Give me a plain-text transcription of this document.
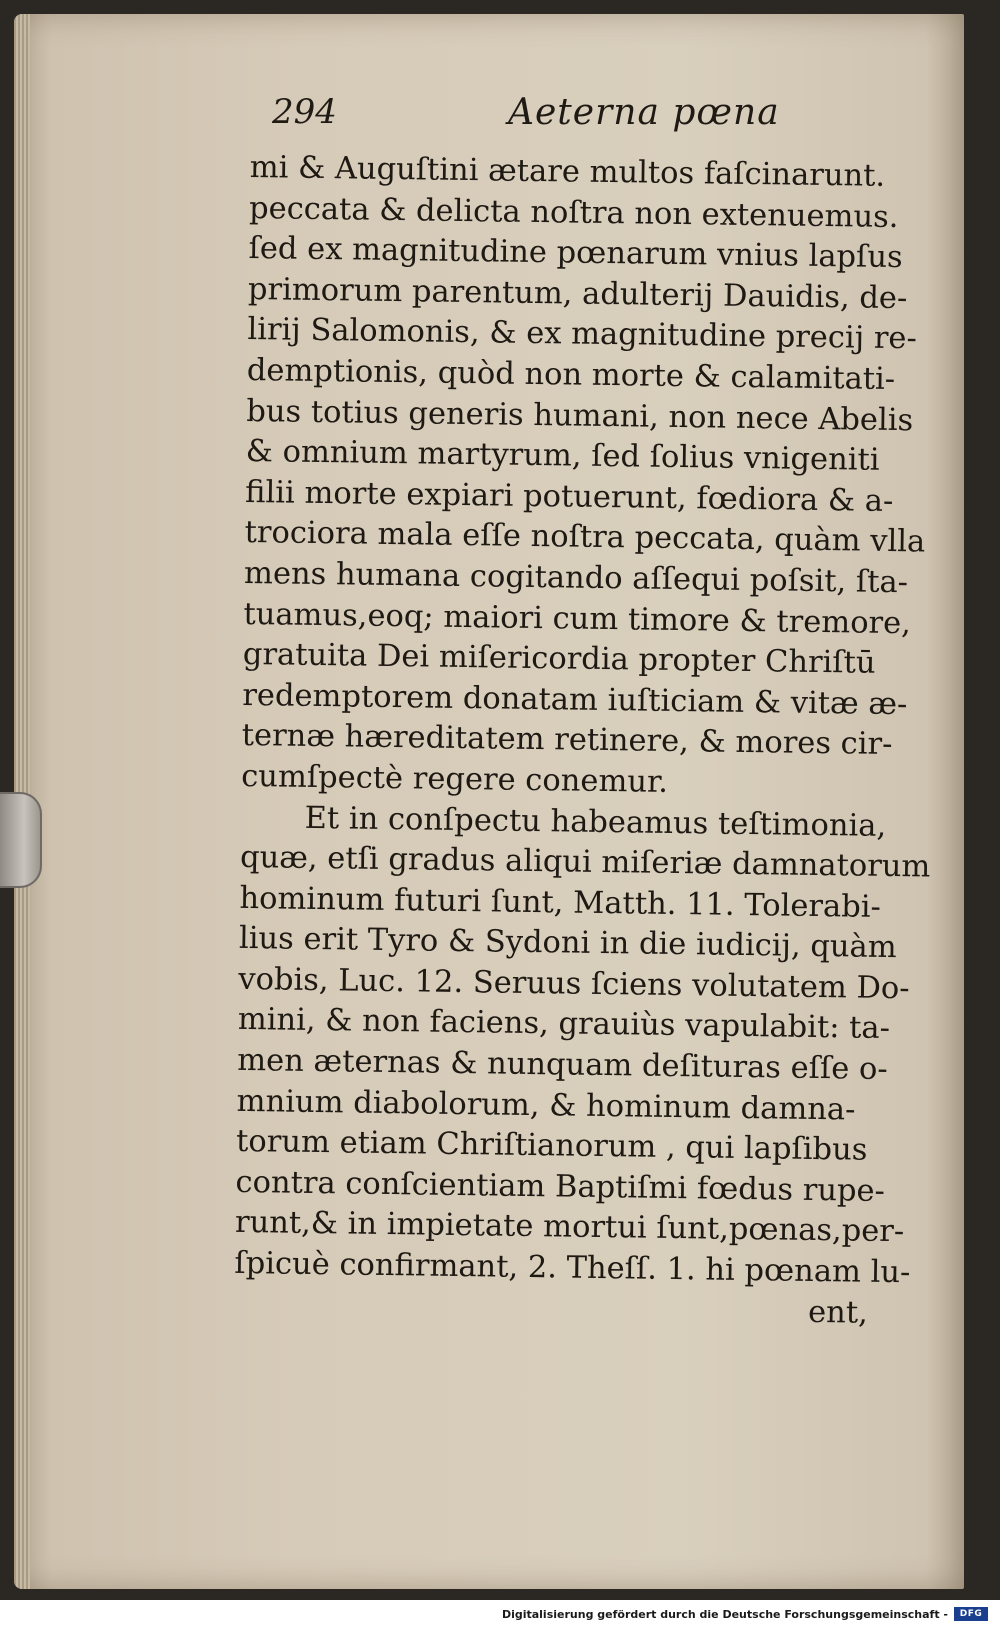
294	Aeterna pœna
mi & Auguſtini ætare multos faſcinarunt.
peccata & delicta noſtra non extenuemus.
ſed ex magnitudine pœnarum vnius lapſus
primorum parentum, adulterij Dauidis, de-
lirij Salomonis, & ex magnitudine precij re-
demptionis, quòd non morte & calamitati-
bus totius generis humani, non nece Abelis
& omnium martyrum, ſed ſolius vnigeniti
filii morte expiari potuerunt, fœdiora & a-
trociora mala eſſe noſtra peccata, quàm vlla
mens humana cogitando aſſequi poſsit, ſta-
tuamus,eoq; maiori cum timore & tremore,
gratuita Dei miſericordia propter Chriſtū
redemptorem donatam iuſticiam & vitæ æ-
ternæ hæreditatem retinere, & mores cir-
cumſpectè regere conemur.
Et in conſpectu habeamus teſtimonia,
quæ, etſi gradus aliqui miſeriæ damnatorum
hominum futuri ſunt, Matth. 11. Tolerabi-
lius erit Tyro & Sydoni in die iudicij, quàm
vobis, Luc. 12. Seruus ſciens volutatem Do-
mini, & non faciens, grauiùs vapulabit: ta-
men æternas & nunquam deſituras eſſe o-
mnium diabolorum, & hominum damna-
torum etiam Chriſtianorum , qui lapſibus
contra conſcientiam Baptiſmi fœdus rupe-
runt,& in impietate mortui ſunt,pœnas,per-
ſpicuè confirmant, 2. Theſſ. 1. hi pœnam lu-
ent,
Digitalisierung gefördert durch die Deutsche Forschungsgemeinschaft -	DFG
